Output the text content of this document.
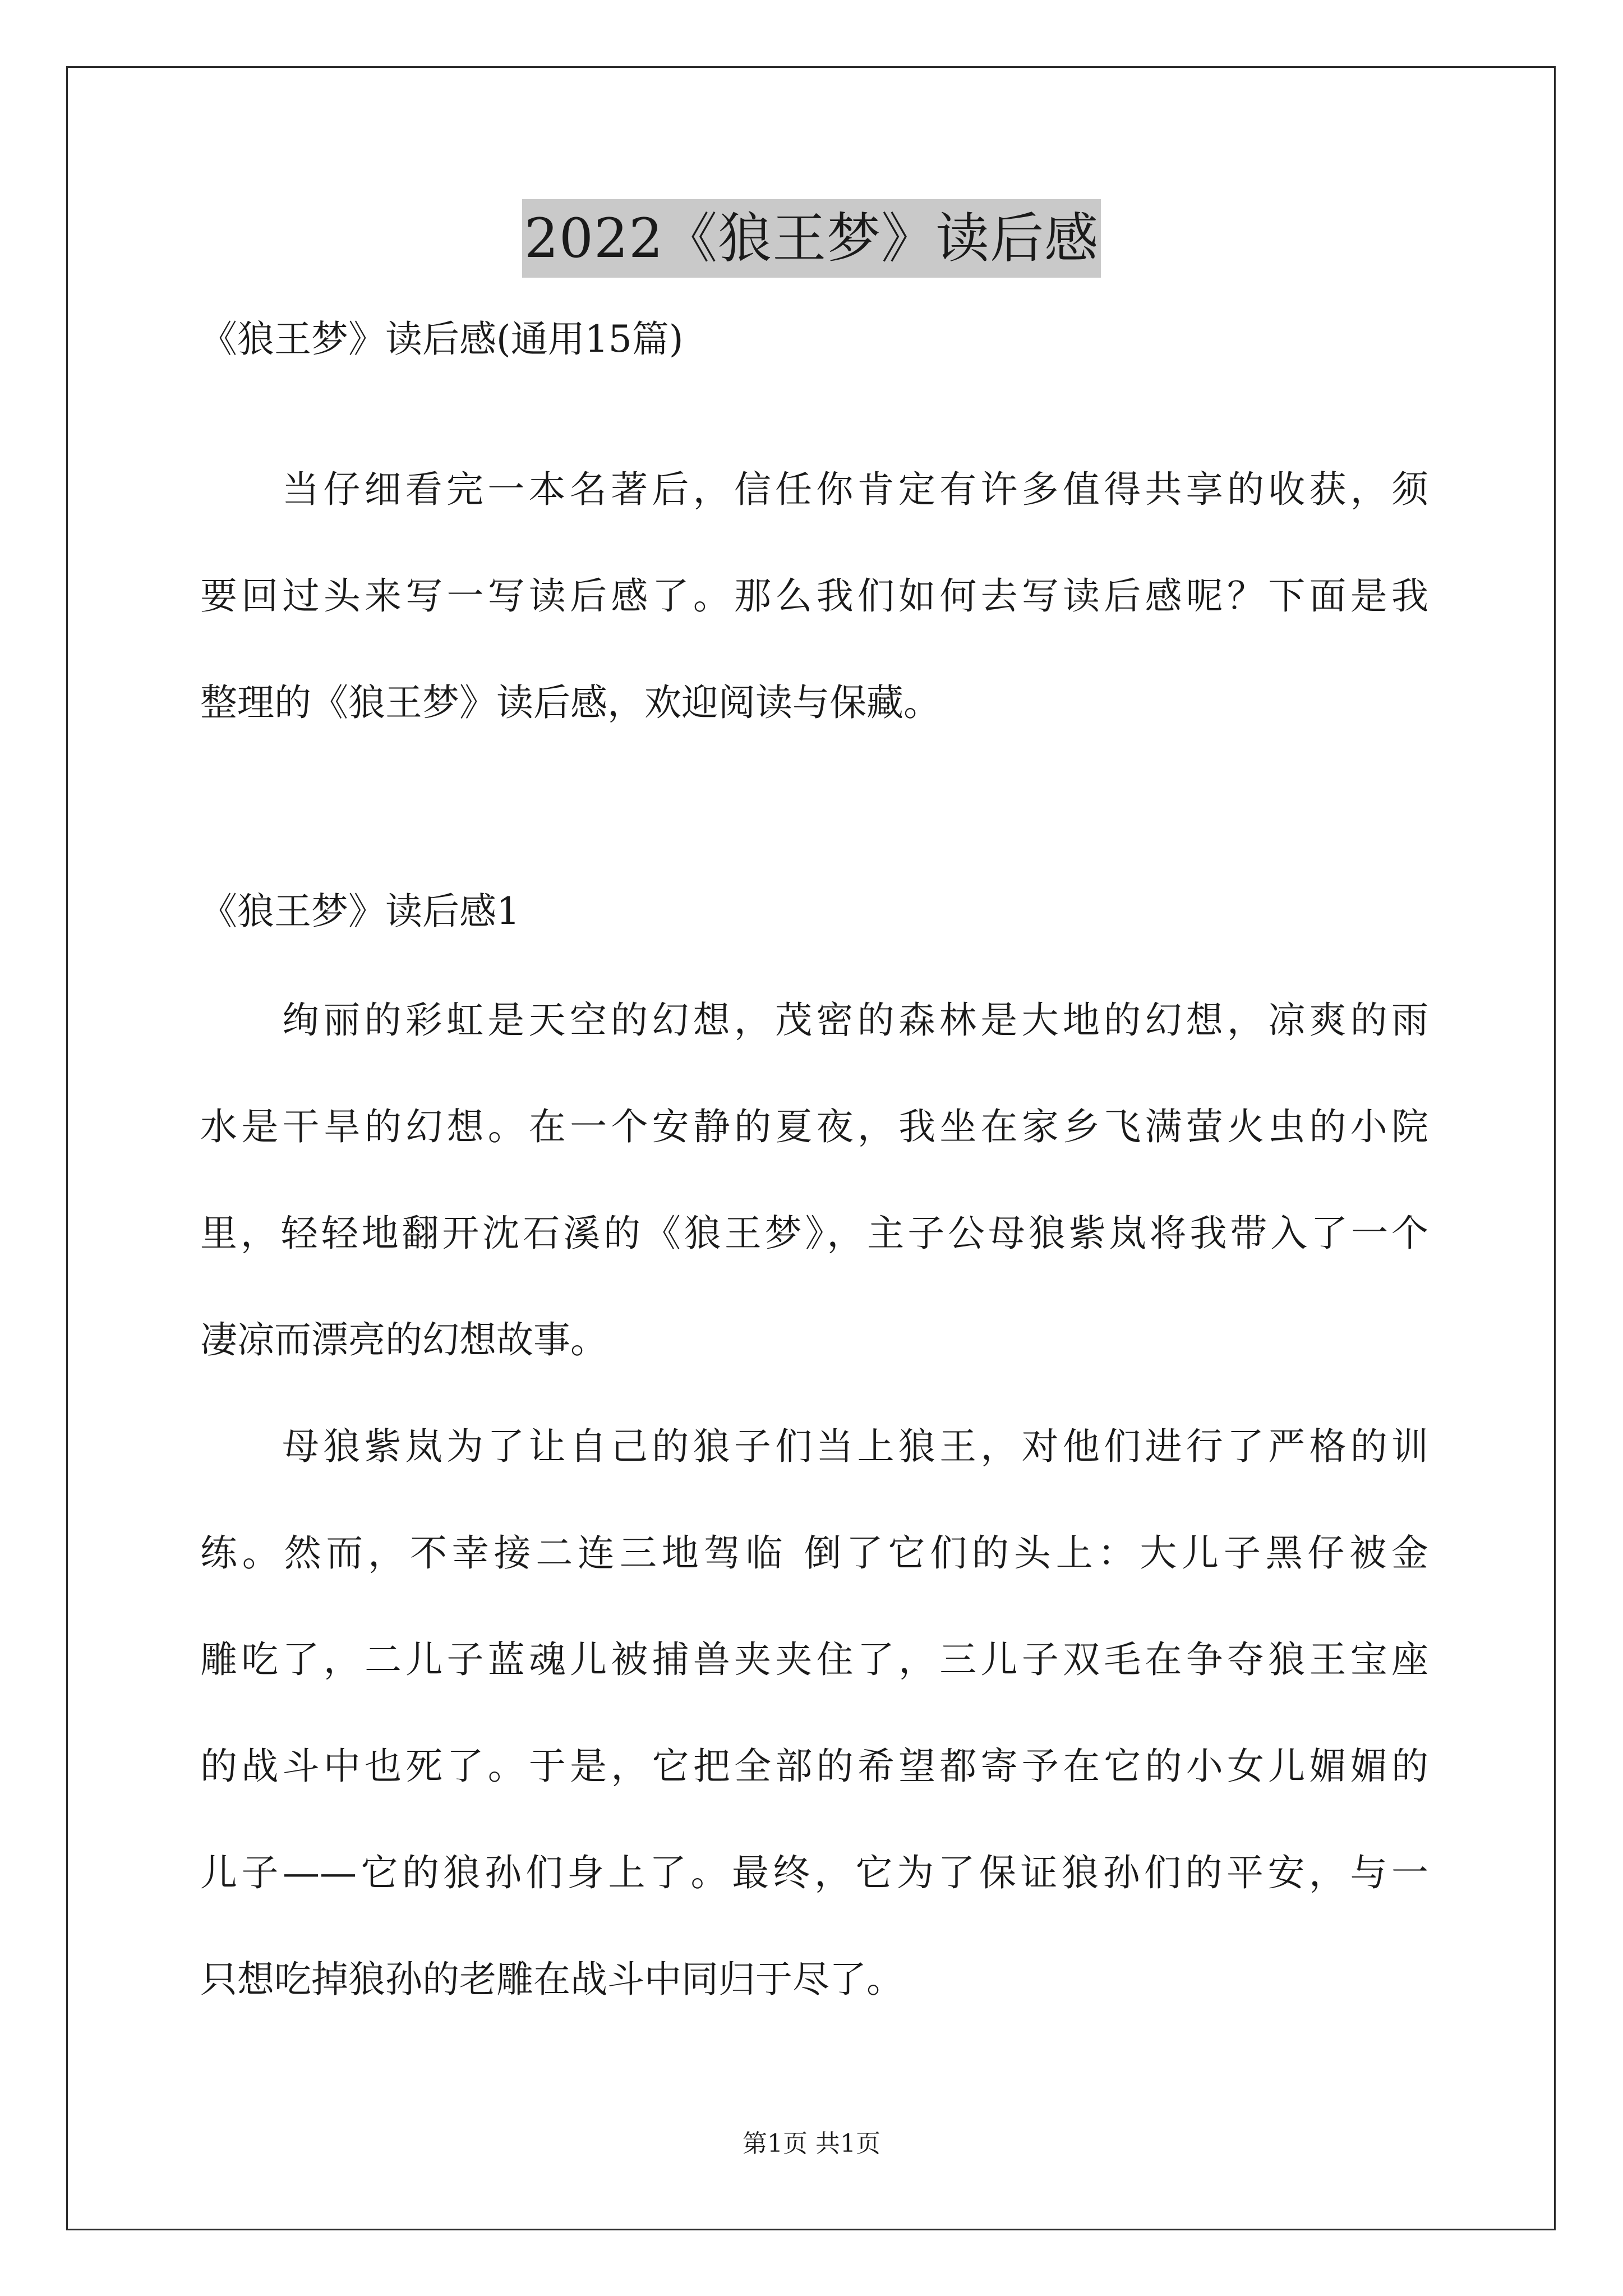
2022《狼王梦》读后感
《狼王梦》读后感(通用15篇)
当仔细看完一本名著后，信任你肯定有许多值得共享的收获，须
要回过头来写一写读后感了。那么我们如何去写读后感呢？下面是我
整理的《狼王梦》读后感，欢迎阅读与保藏。
《狼王梦》读后感1
绚丽的彩虹是天空的幻想，茂密的森林是大地的幻想，凉爽的雨
水是干旱的幻想。在一个安静的夏夜，我坐在家乡飞满萤火虫的小院
里，轻轻地翻开沈石溪的《狼王梦》，主子公母狼紫岚将我带入了一个
凄凉而漂亮的幻想故事。
母狼紫岚为了让自己的狼子们当上狼王，对他们进行了严格的训
练。然而，不幸接二连三地驾临 倒了它们的头上：大儿子黑仔被金
雕吃了，二儿子蓝魂儿被捕兽夹夹住了，三儿子双毛在争夺狼王宝座
的战斗中也死了。于是，它把全部的希望都寄予在它的小女儿媚媚的
儿子——它的狼孙们身上了。最终，它为了保证狼孙们的平安，与一
只想吃掉狼孙的老雕在战斗中同归于尽了。
第1页 共1页
